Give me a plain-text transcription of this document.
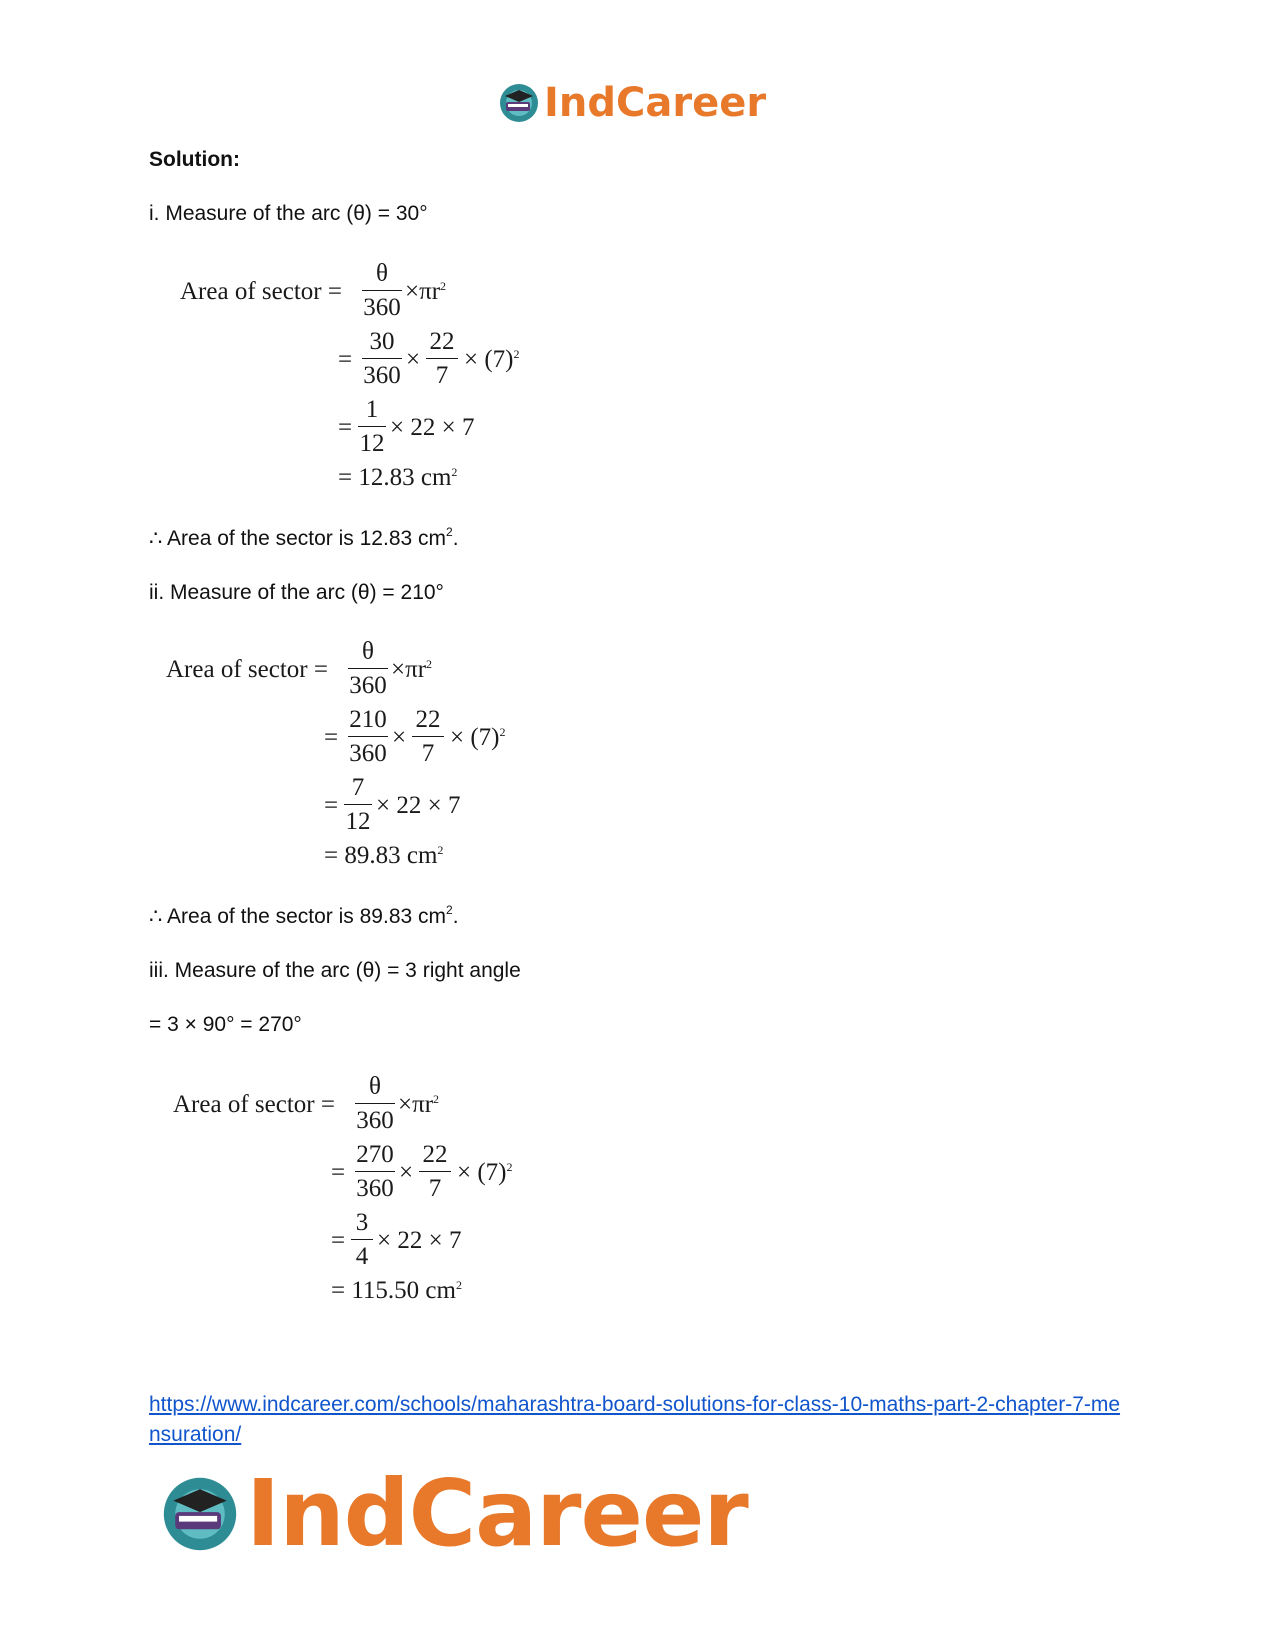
IndCareer
Solution:
i. Measure of the arc (θ) = 30°
Area of sector =
θ
360
$\times\pi r^2$
=
30
360
×
22
7
× $(7)^2$
=
1
12
× 22 × 7
= 12.83 $cm^2$
∴ Area of the sector is 12.83 $cm^2$.
ii. Measure of the arc (θ) = 210°
Area of sector =
θ
360
$\times\pi r^2$
=
210
360
×
22
7
× $(7)^2$
=
7
12
× 22 × 7
= 89.83 $cm^2$
∴ Area of the sector is 89.83 $cm^2$.
iii. Measure of the arc (θ) = 3 right angle
= 3 × 90° = 270°
Area of sector =
θ
360
$\times\pi r^2$
=
270
360
×
22
7
× $(7)^2$
=
3
4
× 22 × 7
= 115.50 $cm^2$
https://www.indcareer.com/schools/maharashtra-board-solutions-for-class-10-maths-part-2-chapter-7-mensuration/
IndCareer
